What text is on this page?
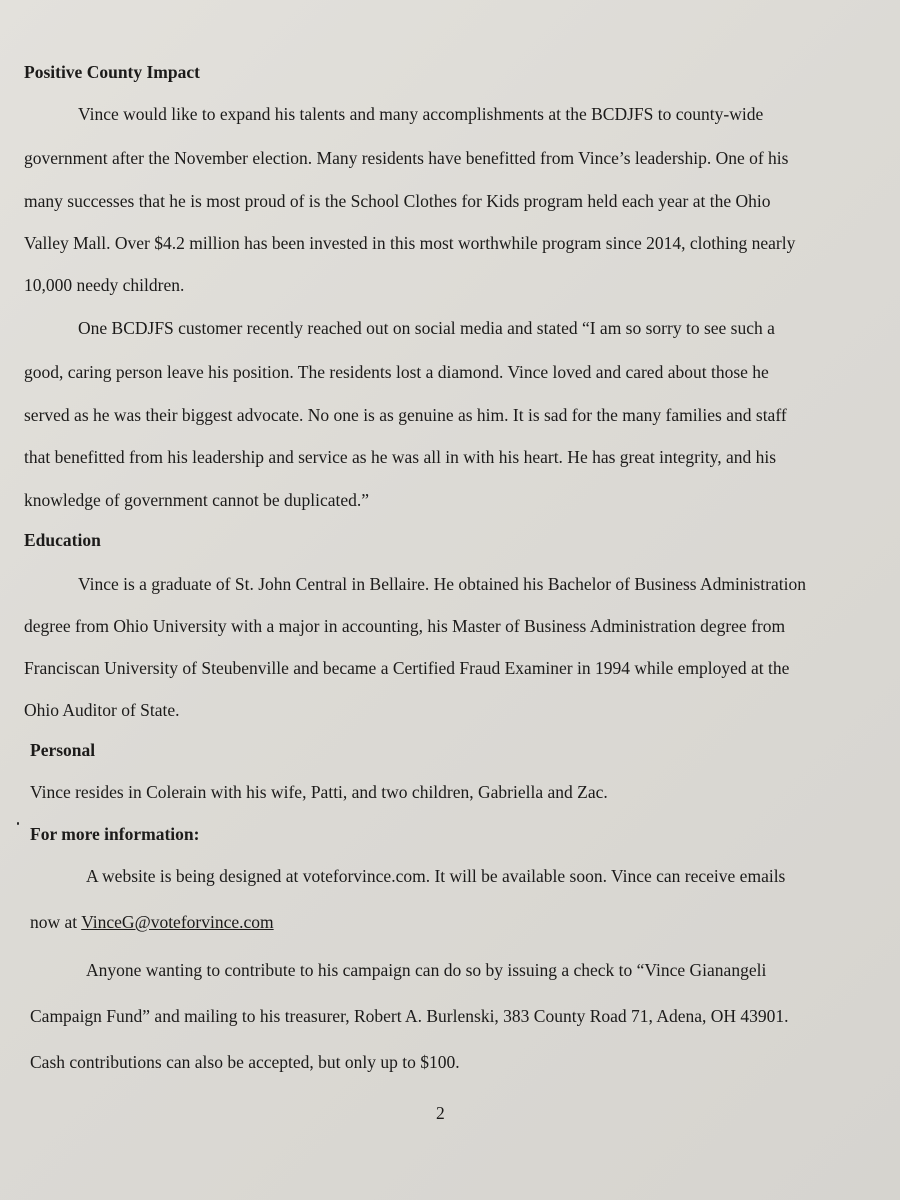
Positive County Impact
Vince would like to expand his talents and many accomplishments at the BCDJFS to county-wide
government after the November election. Many residents have benefitted from Vince’s leadership. One of his
many successes that he is most proud of is the School Clothes for Kids program held each year at the Ohio
Valley Mall. Over $4.2 million has been invested in this most worthwhile program since 2014, clothing nearly
10,000 needy children.
One BCDJFS customer recently reached out on social media and stated “I am so sorry to see such a
good, caring person leave his position. The residents lost a diamond. Vince loved and cared about those he
served as he was their biggest advocate. No one is as genuine as him. It is sad for the many families and staff
that benefitted from his leadership and service as he was all in with his heart. He has great integrity, and his
knowledge of government cannot be duplicated.”
Education
Vince is a graduate of St. John Central in Bellaire. He obtained his Bachelor of Business Administration
degree from Ohio University with a major in accounting, his Master of Business Administration degree from
Franciscan University of Steubenville and became a Certified Fraud Examiner in 1994 while employed at the
Ohio Auditor of State.
Personal
Vince resides in Colerain with his wife, Patti, and two children, Gabriella and Zac.
For more information:
A website is being designed at voteforvince.com. It will be available soon. Vince can receive emails
now at VinceG@voteforvince.com
Anyone wanting to contribute to his campaign can do so by issuing a check to “Vince Gianangeli
Campaign Fund” and mailing to his treasurer, Robert A. Burlenski, 383 County Road 71, Adena, OH 43901.
Cash contributions can also be accepted, but only up to $100.
2
